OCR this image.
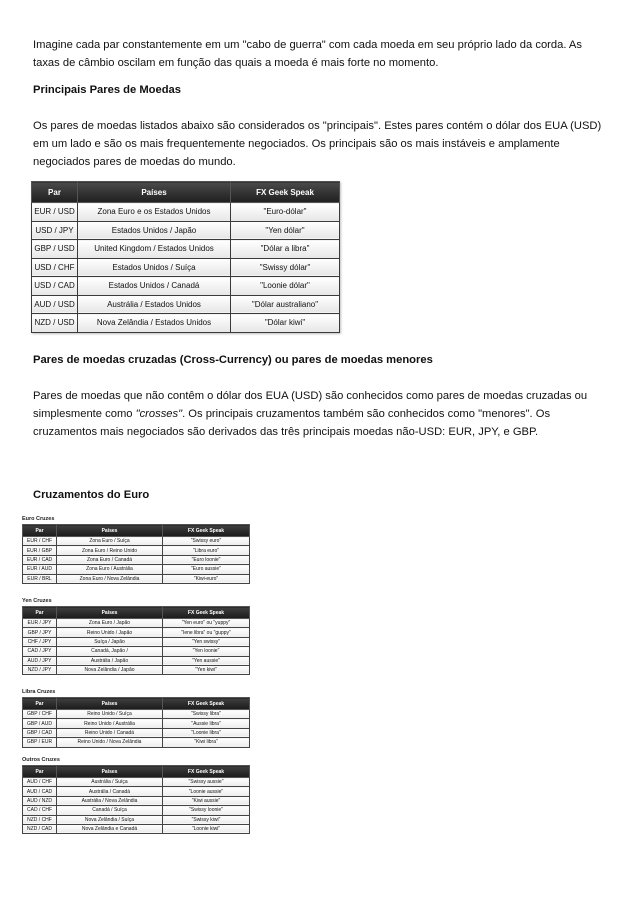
Imagine cada par constantemente em um "cabo de guerra" com cada moeda em seu próprio lado da corda. As taxas de câmbio oscilam em função das quais a moeda é mais forte no momento.

Principais Pares de Moedas

Os pares de moedas listados abaixo são considerados os "principais". Estes pares contém o dólar dos EUA (USD) em um lado e são os mais frequentemente negociados. Os principais são os mais instáveis e amplamente negociados pares de moedas do mundo.

Par	Países	FX Geek Speak
EUR / USD	Zona Euro e os Estados Unidos	"Euro-dólar"
USD / JPY	Estados Unidos / Japão	"Yen dólar"
GBP / USD	United Kingdom / Estados Unidos	"Dólar a libra"
USD / CHF	Estados Unidos / Suíça	"Swissy dólar"
USD / CAD	Estados Unidos / Canadá	"Loonie dólar"
AUD / USD	Austrália / Estados Unidos	"Dólar australiano"
NZD / USD	Nova Zelândia / Estados Unidos	"Dólar kiwi"

Pares de moedas cruzadas (Cross-Currency) ou pares de moedas menores

Pares de moedas que não contêm o dólar dos EUA (USD) são conhecidos como pares de moedas cruzadas ou simplesmente como "crosses". Os principais cruzamentos também são conhecidos como "menores". Os cruzamentos mais negociados são derivados das três principais moedas não-USD: EUR, JPY, e GBP.

Cruzamentos do Euro

Euro Cruzes

Par	Países	FX Geek Speak
EUR / CHF	Zona Euro / Suíça	"Swissy euro"
EUR / GBP	Zona Euro / Reino Unido	"Libra euro"
EUR / CAD	Zona Euro / Canadá	"Euro loonie"
EUR / AUD	Zona Euro / Austrália	"Euro aussie"
EUR / BRL	Zona Euro / Nova Zelândia	"Kiwi-euro"

Yen Cruzes

Par	Países	FX Geek Speak
EUR / JPY	Zona Euro / Japão	"Yen euro" ou "yuppy"
GBP / JPY	Reino Unido / Japão	"Iene libra" ou "guppy"
CHF / JPY	Suíça / Japão	"Yen swissy"
CAD / JPY	Canadá, Japão /	"Yen loonie"
AUD / JPY	Austrália / Japão	"Yen aussie"
NZD / JPY	Nova Zelândia / Japão	"Yen kiwi"

Libra Cruzes

Par	Países	FX Geek Speak
GBP / CHF	Reino Unido / Suíça	"Swissy libra"
GBP / AUD	Reino Unido / Austrália	"Aussie libra"
GBP / CAD	Reino Unido / Canadá	"Loonie libra"
GBP / EUR	Reino Unido / Nova Zelândia	"Kiwi libra"

Outros Cruzes

Par	Países	FX Geek Speak
AUD / CHF	Austrália / Suíça	"Swissy aussie"
AUD / CAD	Austrália / Canadá	"Loonie aussie"
AUD / NZD	Austrália / Nova Zelândia	"Kiwi aussie"
CAD / CHF	Canadá / Suíça	"Swissy loonie"
NZD / CHF	Nova Zelândia / Suíça	"Swissy kiwi"
NZD / CAD	Nova Zelândia e Canadá	"Loonie kiwi"
